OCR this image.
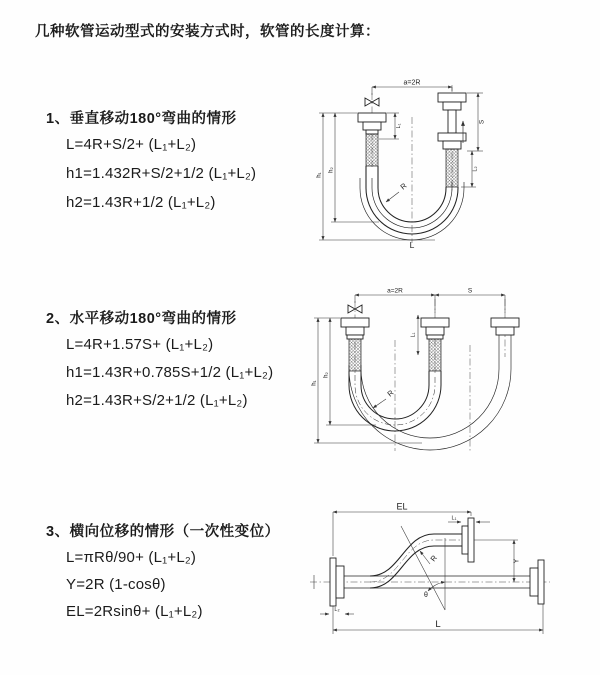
几种软管运动型式的安装方式时，软管的长度计算：
1、垂直移动180°弯曲的情形
L=4R+S/2+ (L₁+L₂)
h1=1.432R+S/2+1/2 (L₁+L₂)
h2=1.43R+1/2 (L₁+L₂)
2、水平移动180°弯曲的情形
L=4R+1.57S+ (L₁+L₂)
h1=1.43R+0.785S+1/2 (L₁+L₂)
h2=1.43R+S/2+1/2 (L₁+L₂)
3、横向位移的情形（一次性变位）
L=πRθ/90+ (L₁+L₂)
Y=2R (1-cosθ)
EL=2Rsinθ+ (L₁+L₂)
a=2R
S
L₂
L₁
h₁
h₂
R
L
a=2R	S
h₁
h₂
L₁
R
EL
L₁
Y
L
L₂
R
θ
